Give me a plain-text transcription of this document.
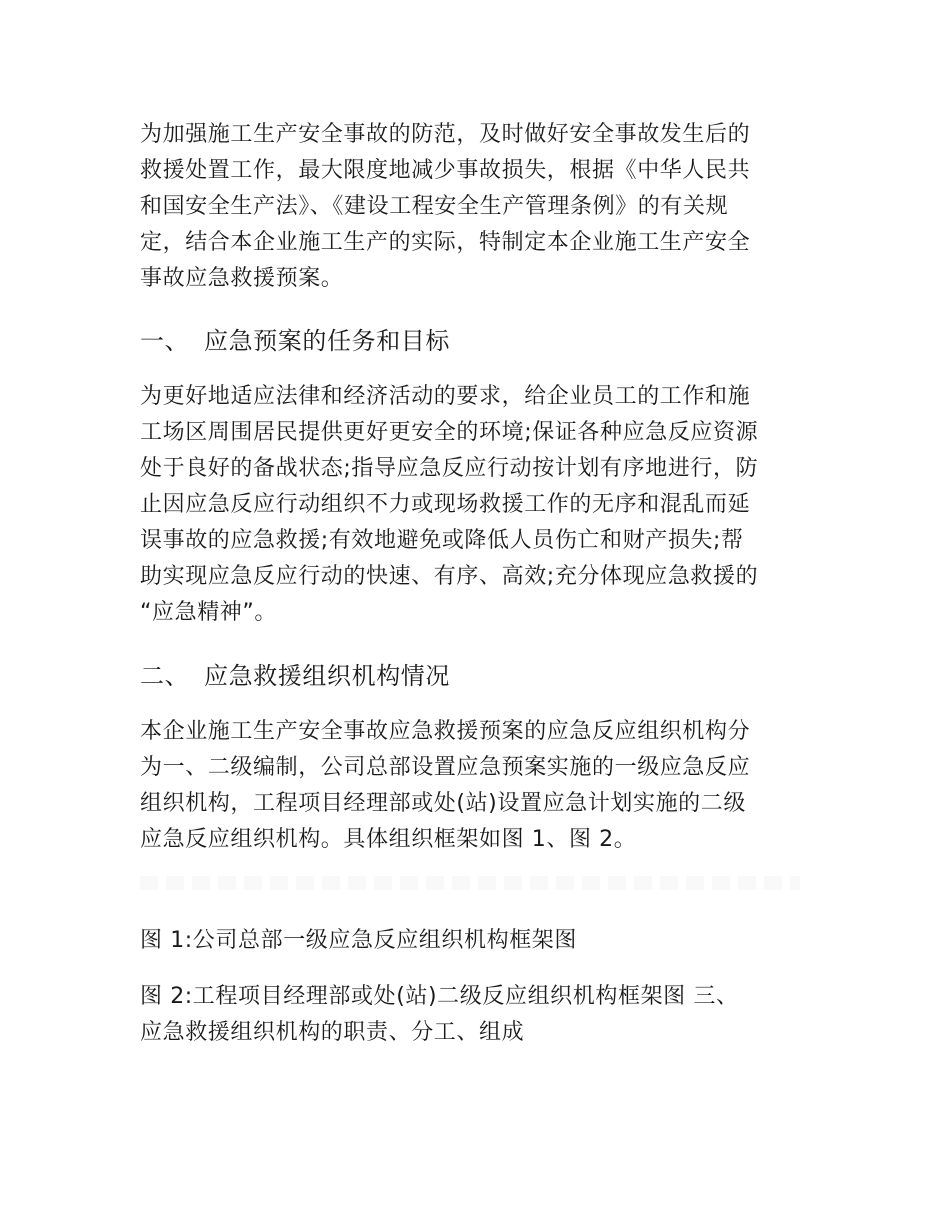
为加强施工生产安全事故的防范，及时做好安全事故发生后的
救援处置工作，最大限度地减少事故损失，根据《中华人民共
和国安全生产法》、《建设工程安全生产管理条例》的有关规
定，结合本企业施工生产的实际，特制定本企业施工生产安全
事故应急救援预案。
一、 应急预案的任务和目标
为更好地适应法律和经济活动的要求，给企业员工的工作和施
工场区周围居民提供更好更安全的环境;保证各种应急反应资源
处于良好的备战状态;指导应急反应行动按计划有序地进行，防
止因应急反应行动组织不力或现场救援工作的无序和混乱而延
误事故的应急救援;有效地避免或降低人员伤亡和财产损失;帮
助实现应急反应行动的快速、有序、高效;充分体现应急救援的
“应急精神”。
二、 应急救援组织机构情况
本企业施工生产安全事故应急救援预案的应急反应组织机构分
为一、二级编制，公司总部设置应急预案实施的一级应急反应
组织机构，工程项目经理部或处(站)设置应急计划实施的二级
应急反应组织机构。具体组织框架如图 1、图 2。
图 1:公司总部一级应急反应组织机构框架图
图 2:工程项目经理部或处(站)二级反应组织机构框架图 三、
应急救援组织机构的职责、分工、组成
